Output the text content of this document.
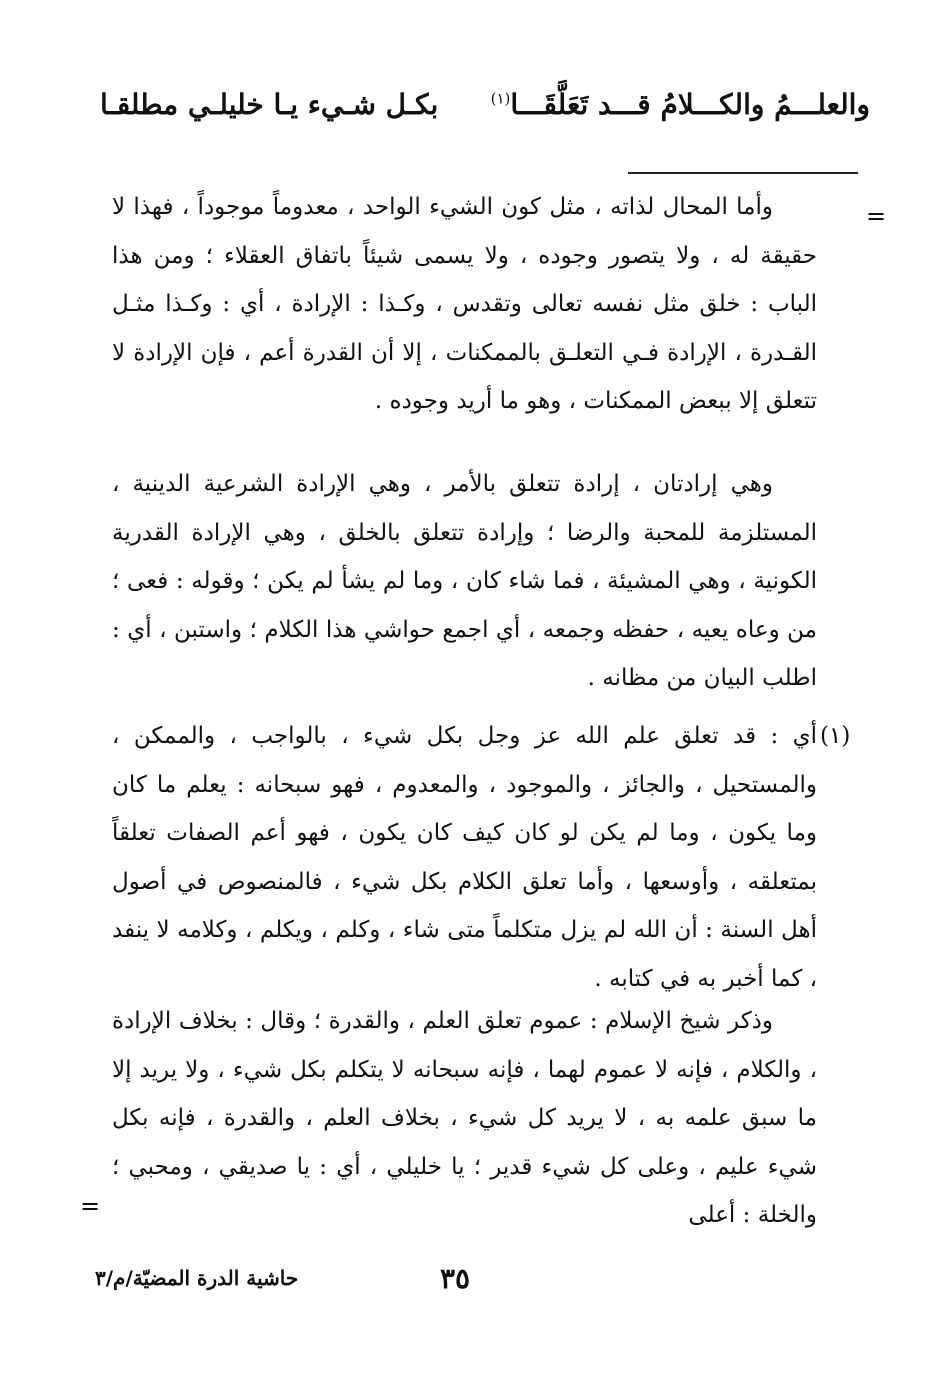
والعلـــمُ والكـــلامُ قـــد تَعَلَّقَـــا$^{(١)}$
بكـل شـيء يـا خليلـي مطلقـا
=

وأما المحال لذاته ، مثل كون الشيء الواحد ، معدوماً موجوداً ، فهذا لا حقيقة له ، ولا يتصور وجوده ، ولا يسمى شيئاً باتفاق العقلاء ؛ ومن هذا الباب : خلق مثل نفسه تعالى وتقدس ، وكـذا : الإرادة ، أي : وكـذا مثـل القـدرة ، الإرادة فـي التعلـق بالممكنات ، إلا أن القدرة أعم ، فإن الإرادة لا تتعلق إلا ببعض الممكنات ، وهو ما أريد وجوده .

وهي إرادتان ، إرادة تتعلق بالأمر ، وهي الإرادة الشرعية الدينية ، المستلزمة للمحبة والرضا ؛ وإرادة تتعلق بالخلق ، وهي الإرادة القدرية الكونية ، وهي المشيئة ، فما شاء كان ، وما لم يشأ لم يكن ؛ وقوله : فعى ؛ من وعاه يعيه ، حفظه وجمعه ، أي اجمع حواشي هذا الكلام ؛ واستبن ، أي : اطلب البيان من مظانه .

(١)

أي : قد تعلق علم الله عز وجل بكل شيء ، بالواجب ، والممكن ، والمستحيل ، والجائز ، والموجود ، والمعدوم ، فهو سبحانه : يعلم ما كان وما يكون ، وما لم يكن لو كان كيف كان يكون ، فهو أعم الصفات تعلقاً بمتعلقه ، وأوسعها ، وأما تعلق الكلام بكل شيء ، فالمنصوص في أصول أهل السنة : أن الله لم يزل متكلماً متى شاء ، وكلم ، ويكلم ، وكلامه لا ينفد ، كما أخبر به في كتابه .

وذكر شيخ الإسلام : عموم تعلق العلم ، والقدرة ؛ وقال : بخلاف الإرادة ، والكلام ، فإنه لا عموم لهما ، فإنه سبحانه لا يتكلم بكل شيء ، ولا يريد إلا ما سبق علمه به ، لا يريد كل شيء ، بخلاف العلم ، والقدرة ، فإنه بكل شيء عليم ، وعلى كل شيء قدير ؛ يا خليلي ، أي : يا صديقي ، ومحبي ؛ والخلة : أعلى

=
٣٥
حاشية الدرة المضيّة/م/٣
